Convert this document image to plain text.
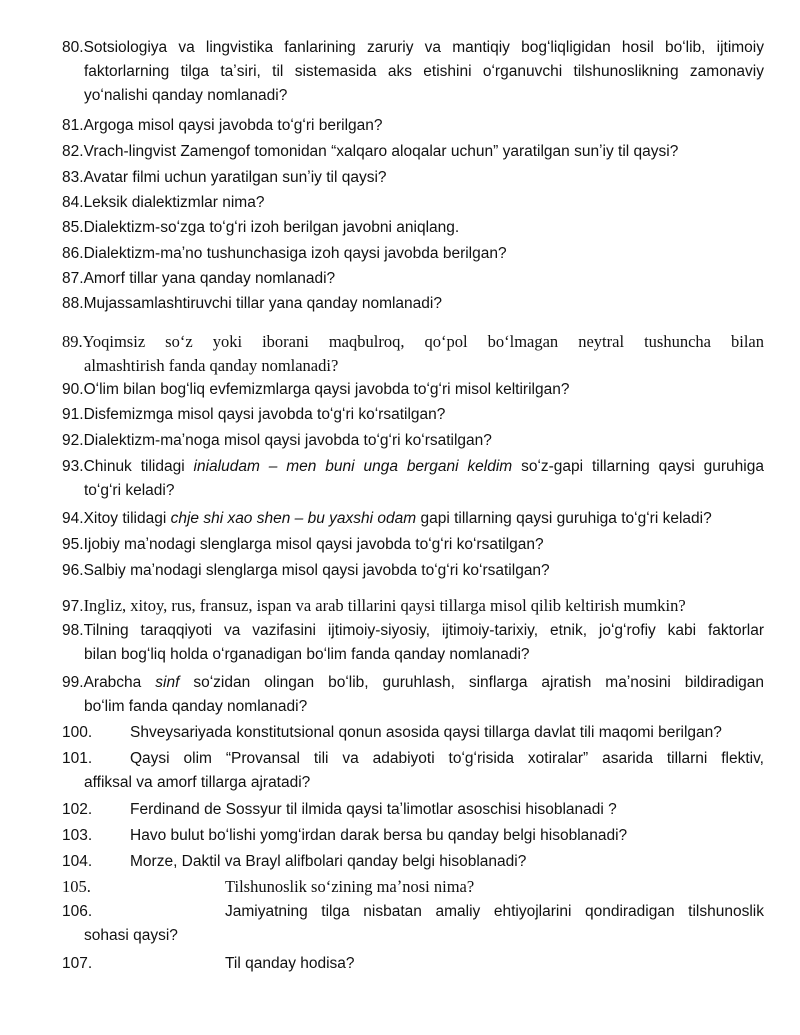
80.Sotsiologiya va lingvistika fanlarining zaruriy va mantiqiy bogʻliqligidan hosil boʻlib, ijtimoiy
faktorlarning tilga taʼsiri, til sistemasida aks etishini oʻrganuvchi tilshunoslikning zamonaviy
yoʻnalishi qanday nomlanadi?
81.Argoga misol qaysi javobda toʻgʻri berilgan?
82.Vrach-lingvist Zamengof tomonidan “xalqaro aloqalar uchun” yaratilgan sunʼiy til qaysi?
83.Avatar filmi uchun yaratilgan sunʼiy til qaysi?
84.Leksik dialektizmlar nima?
85.Dialektizm-soʻzga toʻgʻri izoh berilgan javobni aniqlang.
86.Dialektizm-maʼno tushunchasiga izoh qaysi javobda berilgan?
87.Amorf tillar yana qanday nomlanadi?
88.Mujassamlashtiruvchi tillar yana qanday nomlanadi?
89.Yoqimsiz soʻz yoki iborani maqbulroq, qoʻpol boʻlmagan neytral tushuncha bilan
almashtirish fanda qanday nomlanadi?
90.Oʻlim bilan bogʻliq evfemizmlarga qaysi javobda toʻgʻri misol keltirilgan?
91.Disfemizmga misol qaysi javobda toʻgʻri koʻrsatilgan?
92.Dialektizm-maʼnoga misol qaysi javobda toʻgʻri koʻrsatilgan?
93.Chinuk tilidagi inialudam – men buni unga bergani keldim soʻz-gapi tillarning qaysi guruhiga
toʻgʻri keladi?
94.Xitoy tilidagi chje shi xao shen – bu yaxshi odam gapi tillarning qaysi guruhiga toʻgʻri keladi?
95.Ijobiy maʼnodagi slenglarga misol qaysi javobda toʻgʻri koʻrsatilgan?
96.Salbiy maʼnodagi slenglarga misol qaysi javobda toʻgʻri koʻrsatilgan?
97.Ingliz, xitoy, rus, fransuz, ispan va arab tillarini qaysi tillarga misol qilib keltirish mumkin?
98.Tilning taraqqiyoti va vazifasini ijtimoiy-siyosiy, ijtimoiy-tarixiy, etnik, joʻgʻrofiy kabi faktorlar
bilan bogʻliq holda oʻrganadigan boʻlim fanda qanday nomlanadi?
99.Arabcha sinf soʻzidan olingan boʻlib, guruhlash, sinflarga ajratish maʼnosini bildiradigan
boʻlim fanda qanday nomlanadi?
100. Shveysariyada konstitutsional qonun asosida qaysi tillarga davlat tili maqomi berilgan?
101. Qaysi olim “Provansal tili va adabiyoti toʻgʻrisida xotiralar” asarida tillarni flektiv,
affiksal va amorf tillarga ajratadi?
102. Ferdinand de Sossyur til ilmida qaysi taʼlimotlar asoschisi hisoblanadi ?
103. Havo bulut boʻlishi yomgʻirdan darak bersa bu qanday belgi hisoblanadi?
104. Morze, Daktil va Brayl alifbolari qanday belgi hisoblanadi?
105.	Tilshunoslik soʻzining maʼnosi nima?
106.	Jamiyatning tilga nisbatan amaliy ehtiyojlarini qondiradigan tilshunoslik
sohasi qaysi?
107.	Til qanday hodisa?
